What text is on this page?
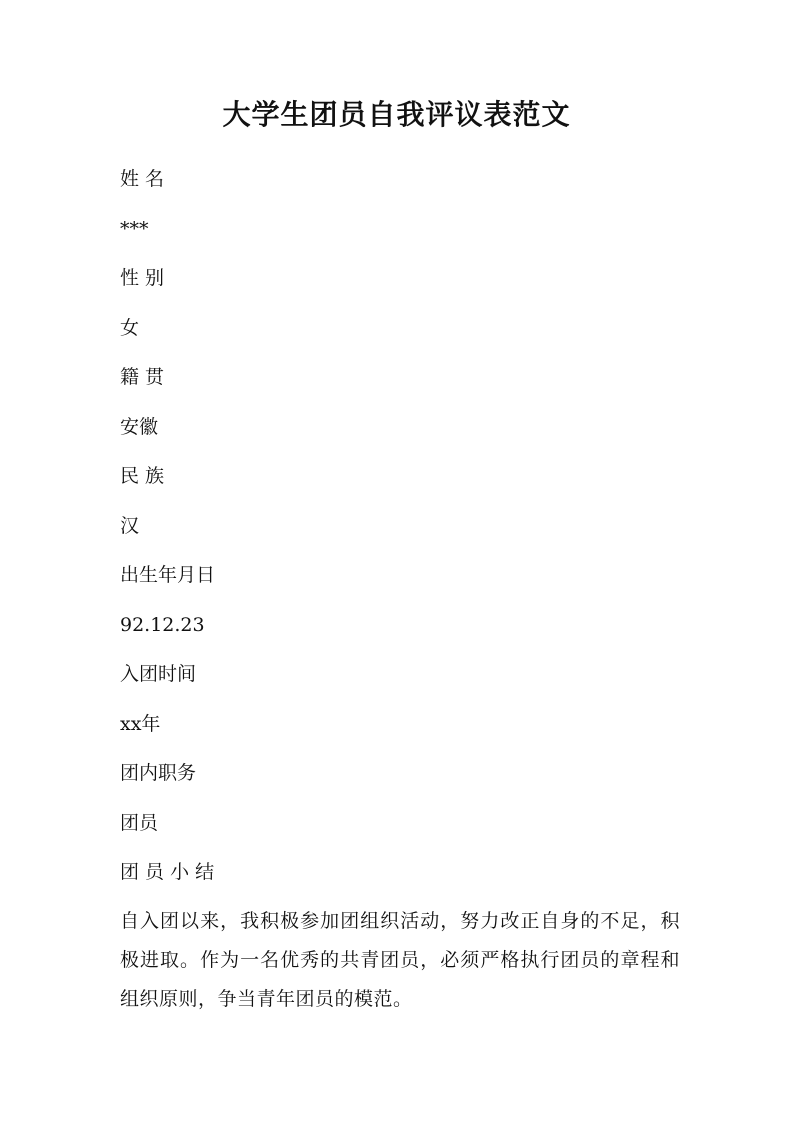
大学生团员自我评议表范文
姓 名
***
性 别
女
籍 贯
安徽
民 族
汉
出生年月日
92.12.23
入团时间
xx年
团内职务
团员
团 员 小 结
自入团以来，我积极参加团组织活动，努力改正自身的不足，积极进取。作为一名优秀的共青团员，必须严格执行团员的章程和组织原则，争当青年团员的模范。
